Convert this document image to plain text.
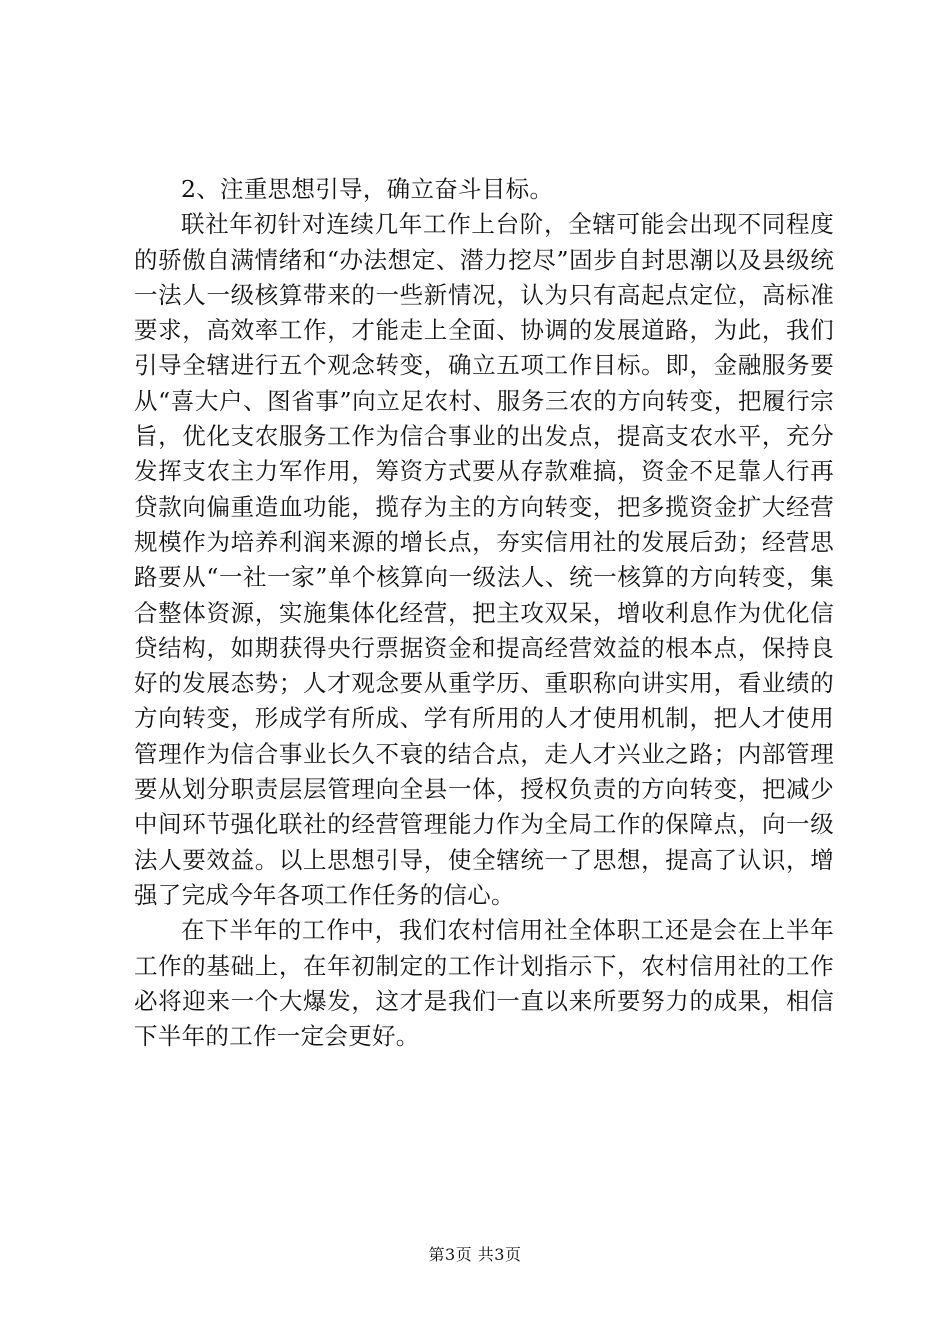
2、注重思想引导，确立奋斗目标。

联社年初针对连续几年工作上台阶，全辖可能会出现不同程度的骄傲自满情绪和“办法想定、潜力挖尽”固步自封思潮以及县级统一法人一级核算带来的一些新情况，认为只有高起点定位，高标准要求，高效率工作，才能走上全面、协调的发展道路，为此，我们引导全辖进行五个观念转变，确立五项工作目标。即，金融服务要从“喜大户、图省事”向立足农村、服务三农的方向转变，把履行宗旨，优化支农服务工作为信合事业的出发点，提高支农水平，充分发挥支农主力军作用，筹资方式要从存款难搞，资金不足靠人行再贷款向偏重造血功能，揽存为主的方向转变，把多揽资金扩大经营规模作为培养利润来源的增长点，夯实信用社的发展后劲；经营思路要从“一社一家”单个核算向一级法人、统一核算的方向转变，集合整体资源，实施集体化经营，把主攻双呆，增收利息作为优化信贷结构，如期获得央行票据资金和提高经营效益的根本点，保持良好的发展态势；人才观念要从重学历、重职称向讲实用，看业绩的方向转变，形成学有所成、学有所用的人才使用机制，把人才使用管理作为信合事业长久不衰的结合点，走人才兴业之路；内部管理要从划分职责层层管理向全县一体，授权负责的方向转变，把减少中间环节强化联社的经营管理能力作为全局工作的保障点，向一级法人要效益。以上思想引导，使全辖统一了思想，提高了认识，增强了完成今年各项工作任务的信心。

在下半年的工作中，我们农村信用社全体职工还是会在上半年工作的基础上，在年初制定的工作计划指示下，农村信用社的工作必将迎来一个大爆发，这才是我们一直以来所要努力的成果，相信下半年的工作一定会更好。

第3页 共3页
